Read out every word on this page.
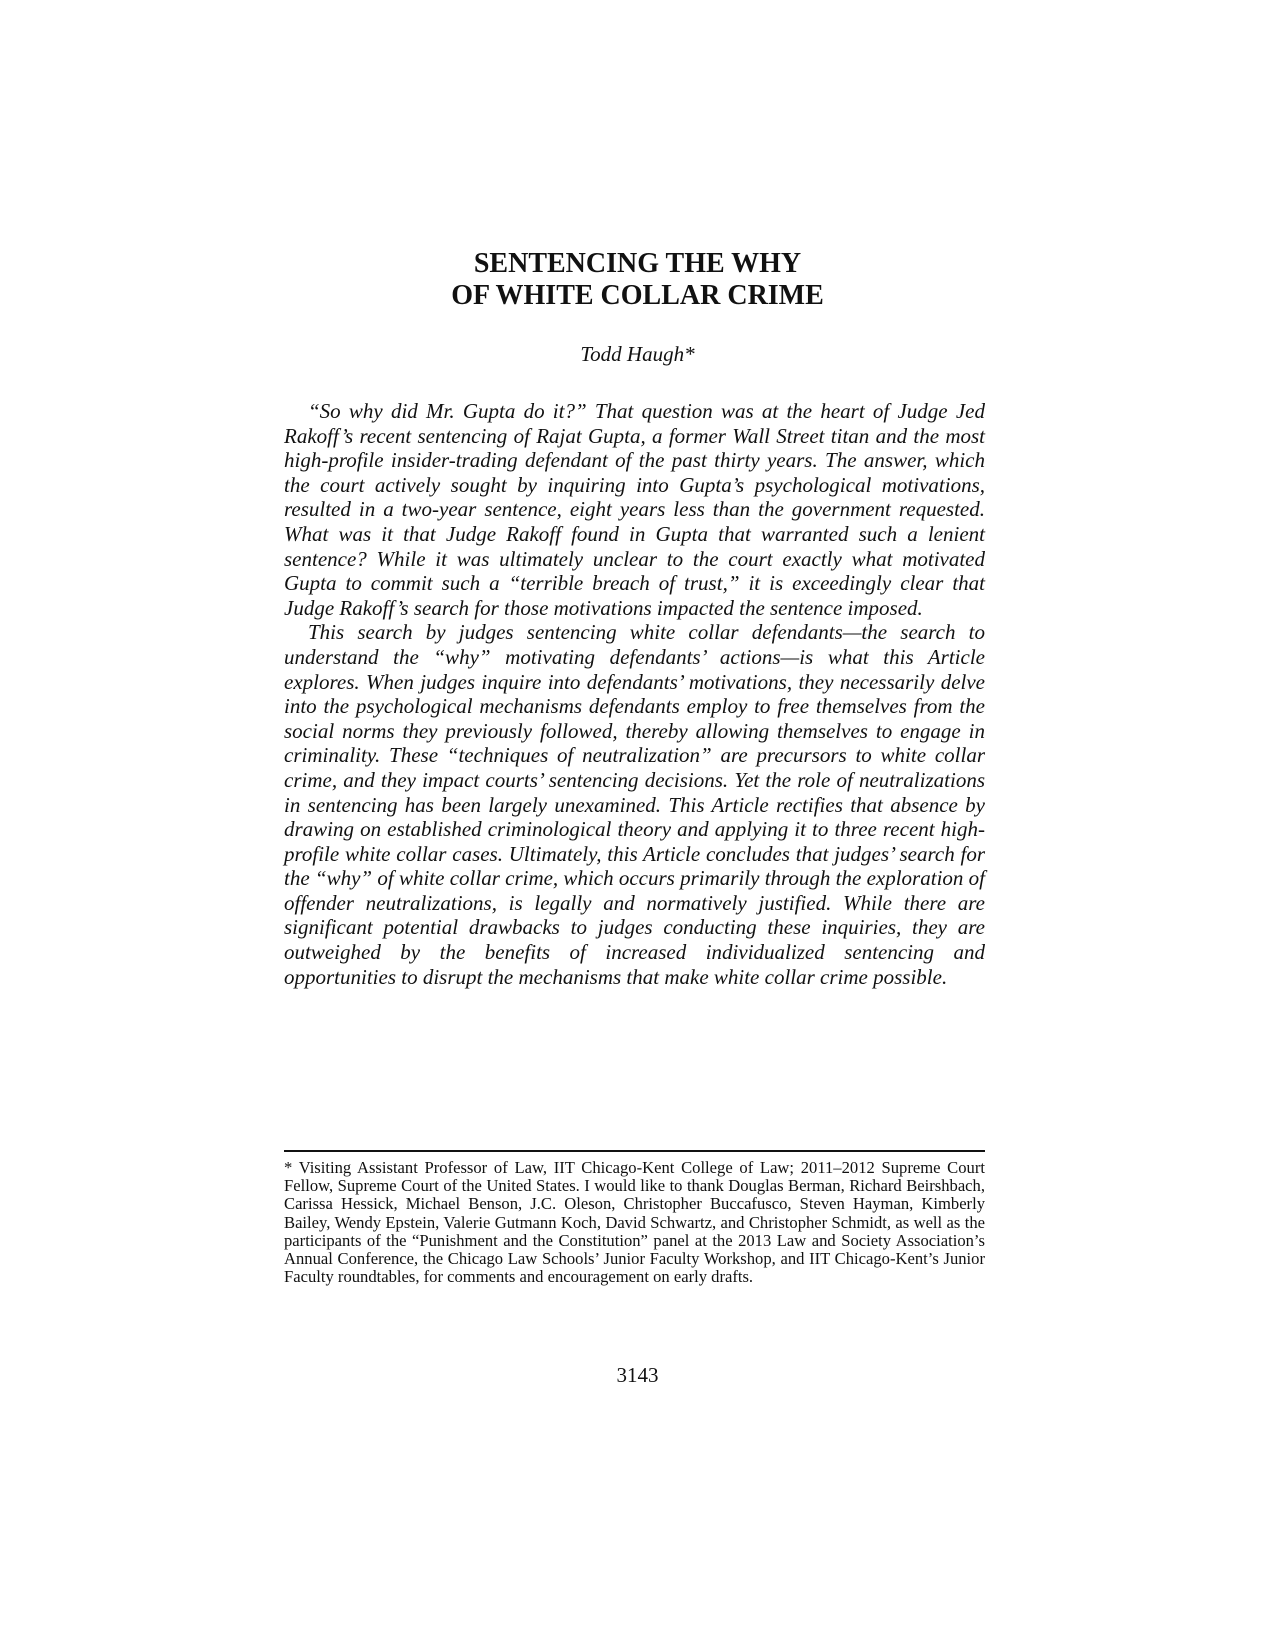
SENTENCING THE WHY
OF WHITE COLLAR CRIME
Todd Haugh*

“So why did Mr. Gupta do it?” That question was at the heart of Judge Jed Rakoff’s recent sentencing of Rajat Gupta, a former Wall Street titan and the most high-profile insider-trading defendant of the past thirty years. The answer, which the court actively sought by inquiring into Gupta’s psychological motivations, resulted in a two-year sentence, eight years less than the government requested. What was it that Judge Rakoff found in Gupta that warranted such a lenient sentence? While it was ultimately unclear to the court exactly what motivated Gupta to commit such a “terrible breach of trust,” it is exceedingly clear that Judge Rakoff’s search for those motivations impacted the sentence imposed.

This search by judges sentencing white collar defendants—the search to understand the “why” motivating defendants’ actions—is what this Article explores. When judges inquire into defendants’ motivations, they necessarily delve into the psychological mechanisms defendants employ to free themselves from the social norms they previously followed, thereby allowing themselves to engage in criminality. These “techniques of neutralization” are precursors to white collar crime, and they impact courts’ sentencing decisions. Yet the role of neutralizations in sentencing has been largely unexamined. This Article rectifies that absence by drawing on established criminological theory and applying it to three recent high-profile white collar cases. Ultimately, this Article concludes that judges’ search for the “why” of white collar crime, which occurs primarily through the exploration of offender neutralizations, is legally and normatively justified. While there are significant potential drawbacks to judges conducting these inquiries, they are outweighed by the benefits of increased individualized sentencing and opportunities to disrupt the mechanisms that make white collar crime possible.

* Visiting Assistant Professor of Law, IIT Chicago-Kent College of Law; 2011–2012 Supreme Court Fellow, Supreme Court of the United States. I would like to thank Douglas Berman, Richard Beirshbach, Carissa Hessick, Michael Benson, J.C. Oleson, Christopher Buccafusco, Steven Hayman, Kimberly Bailey, Wendy Epstein, Valerie Gutmann Koch, David Schwartz, and Christopher Schmidt, as well as the participants of the “Punishment and the Constitution” panel at the 2013 Law and Society Association’s Annual Conference, the Chicago Law Schools’ Junior Faculty Workshop, and IIT Chicago-Kent’s Junior Faculty roundtables, for comments and encouragement on early drafts.

3143
